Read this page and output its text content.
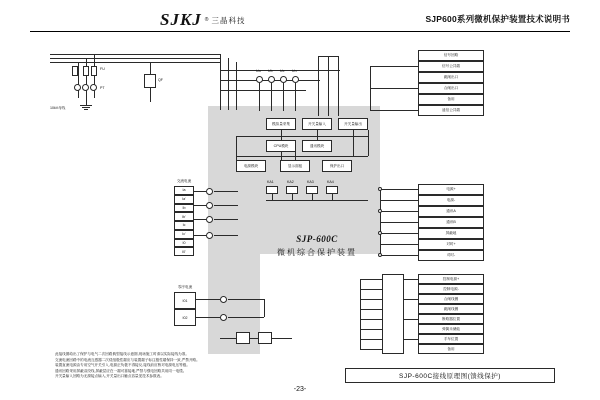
SJKJ ® 三晶科技	SJP600系列微机保护装置技术说明书
FU
PT
10kV母线
QF
Ua Ub Uc Un
信号回路
信号公共端
跳闸出口
合闸出口
备用
遥信公共端
模拟量采集	开关量输入	开关量输出
CPU模块	通讯模块
电源模块	显示面板	保护出口
KA1	KA2	KA3	KA4
交流电流
Ia
Ia'
Ib
Ib'
Ic
Ic'
I0
I0'
SJP-600C
微机综合保护装置
电源+
电源-
通讯A
通讯B
屏蔽地
对时+
对时-
控制电源+
控制电源-
合闸线圈
跳闸线圈
断路器位置
弹簧未储能
手车位置
备用
零序电流
I01
I02

此接线图给出了保护与电气二次回路典型接线示意图,现场施工时请以实际接线为准。

交流电流回路中的电流互感器二次绕组极性端应与装置端子标注极性端保持一致,严禁开路。

装置直流电源由专用空气开关引入,电源正负极不得接反,接线前应核对电源电压等级。

通讯回路采用屏蔽双绞线,屏蔽层应在一端可靠接地,严禁与强电回路共用同一电缆。

开关量输入回路为无源接点输入,开关量出口触点容量见技术参数表。	SJP-600C接线原理图(馈线保护)
-23-
